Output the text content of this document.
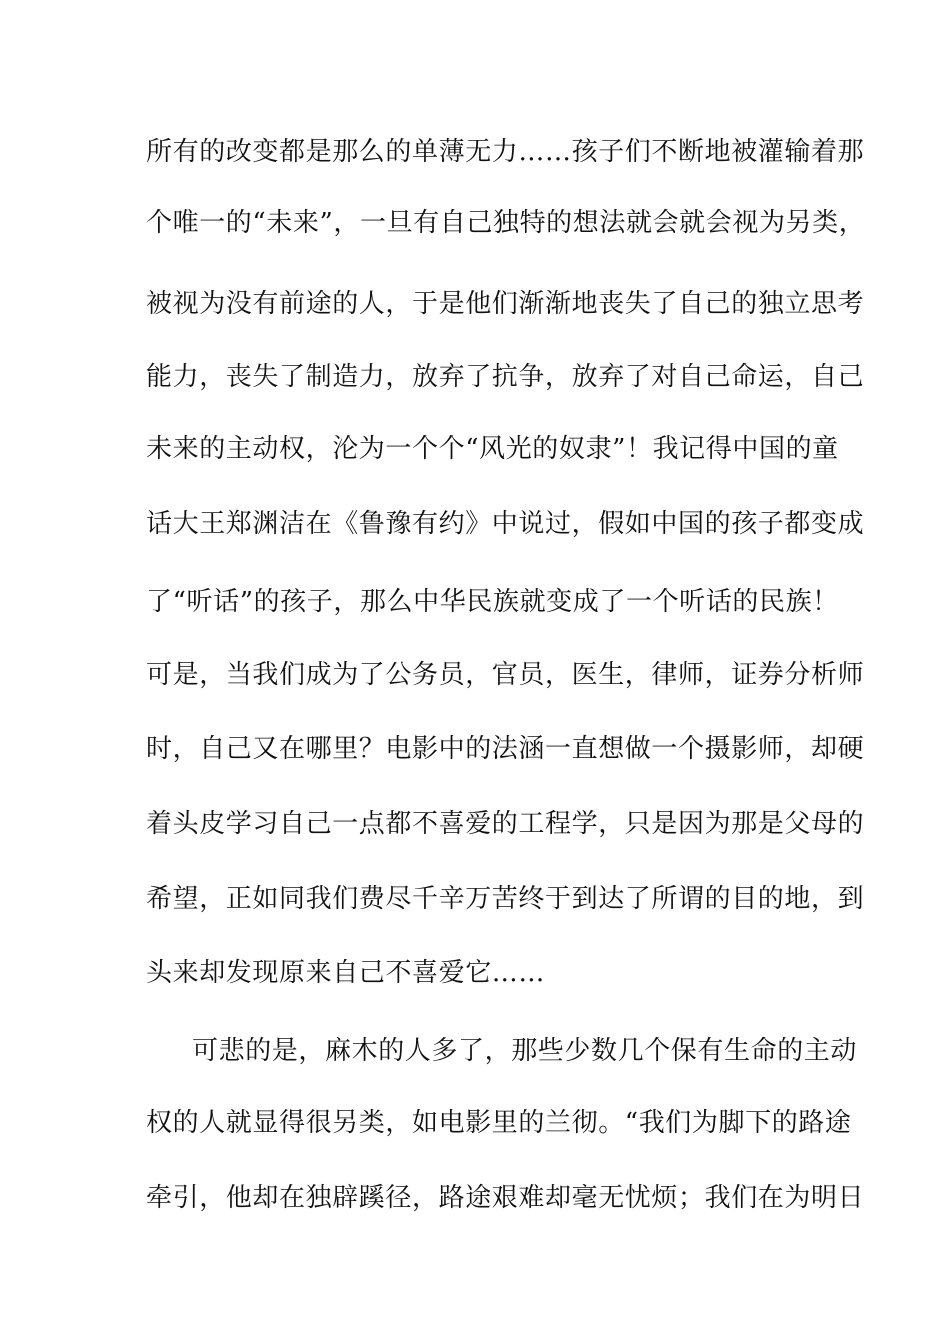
所有的改变都是那么的单薄无力……孩子们不断地被灌输着那
个唯一的“未来”，一旦有自己独特的想法就会就会视为另类，
被视为没有前途的人，于是他们渐渐地丧失了自己的独立思考
能力，丧失了制造力，放弃了抗争，放弃了对自己命运，自己
未来的主动权，沦为一个个“风光的奴隶”！我记得中国的童
话大王郑渊洁在《鲁豫有约》中说过，假如中国的孩子都变成
了“听话”的孩子，那么中华民族就变成了一个听话的民族！
可是，当我们成为了公务员，官员，医生，律师，证券分析师
时，自己又在哪里？电影中的法涵一直想做一个摄影师，却硬
着头皮学习自己一点都不喜爱的工程学，只是因为那是父母的
希望，正如同我们费尽千辛万苦终于到达了所谓的目的地，到
头来却发现原来自己不喜爱它……
可悲的是，麻木的人多了，那些少数几个保有生命的主动
权的人就显得很另类，如电影里的兰彻。“我们为脚下的路途
牵引，他却在独辟蹊径，路途艰难却毫无忧烦；我们在为明日
